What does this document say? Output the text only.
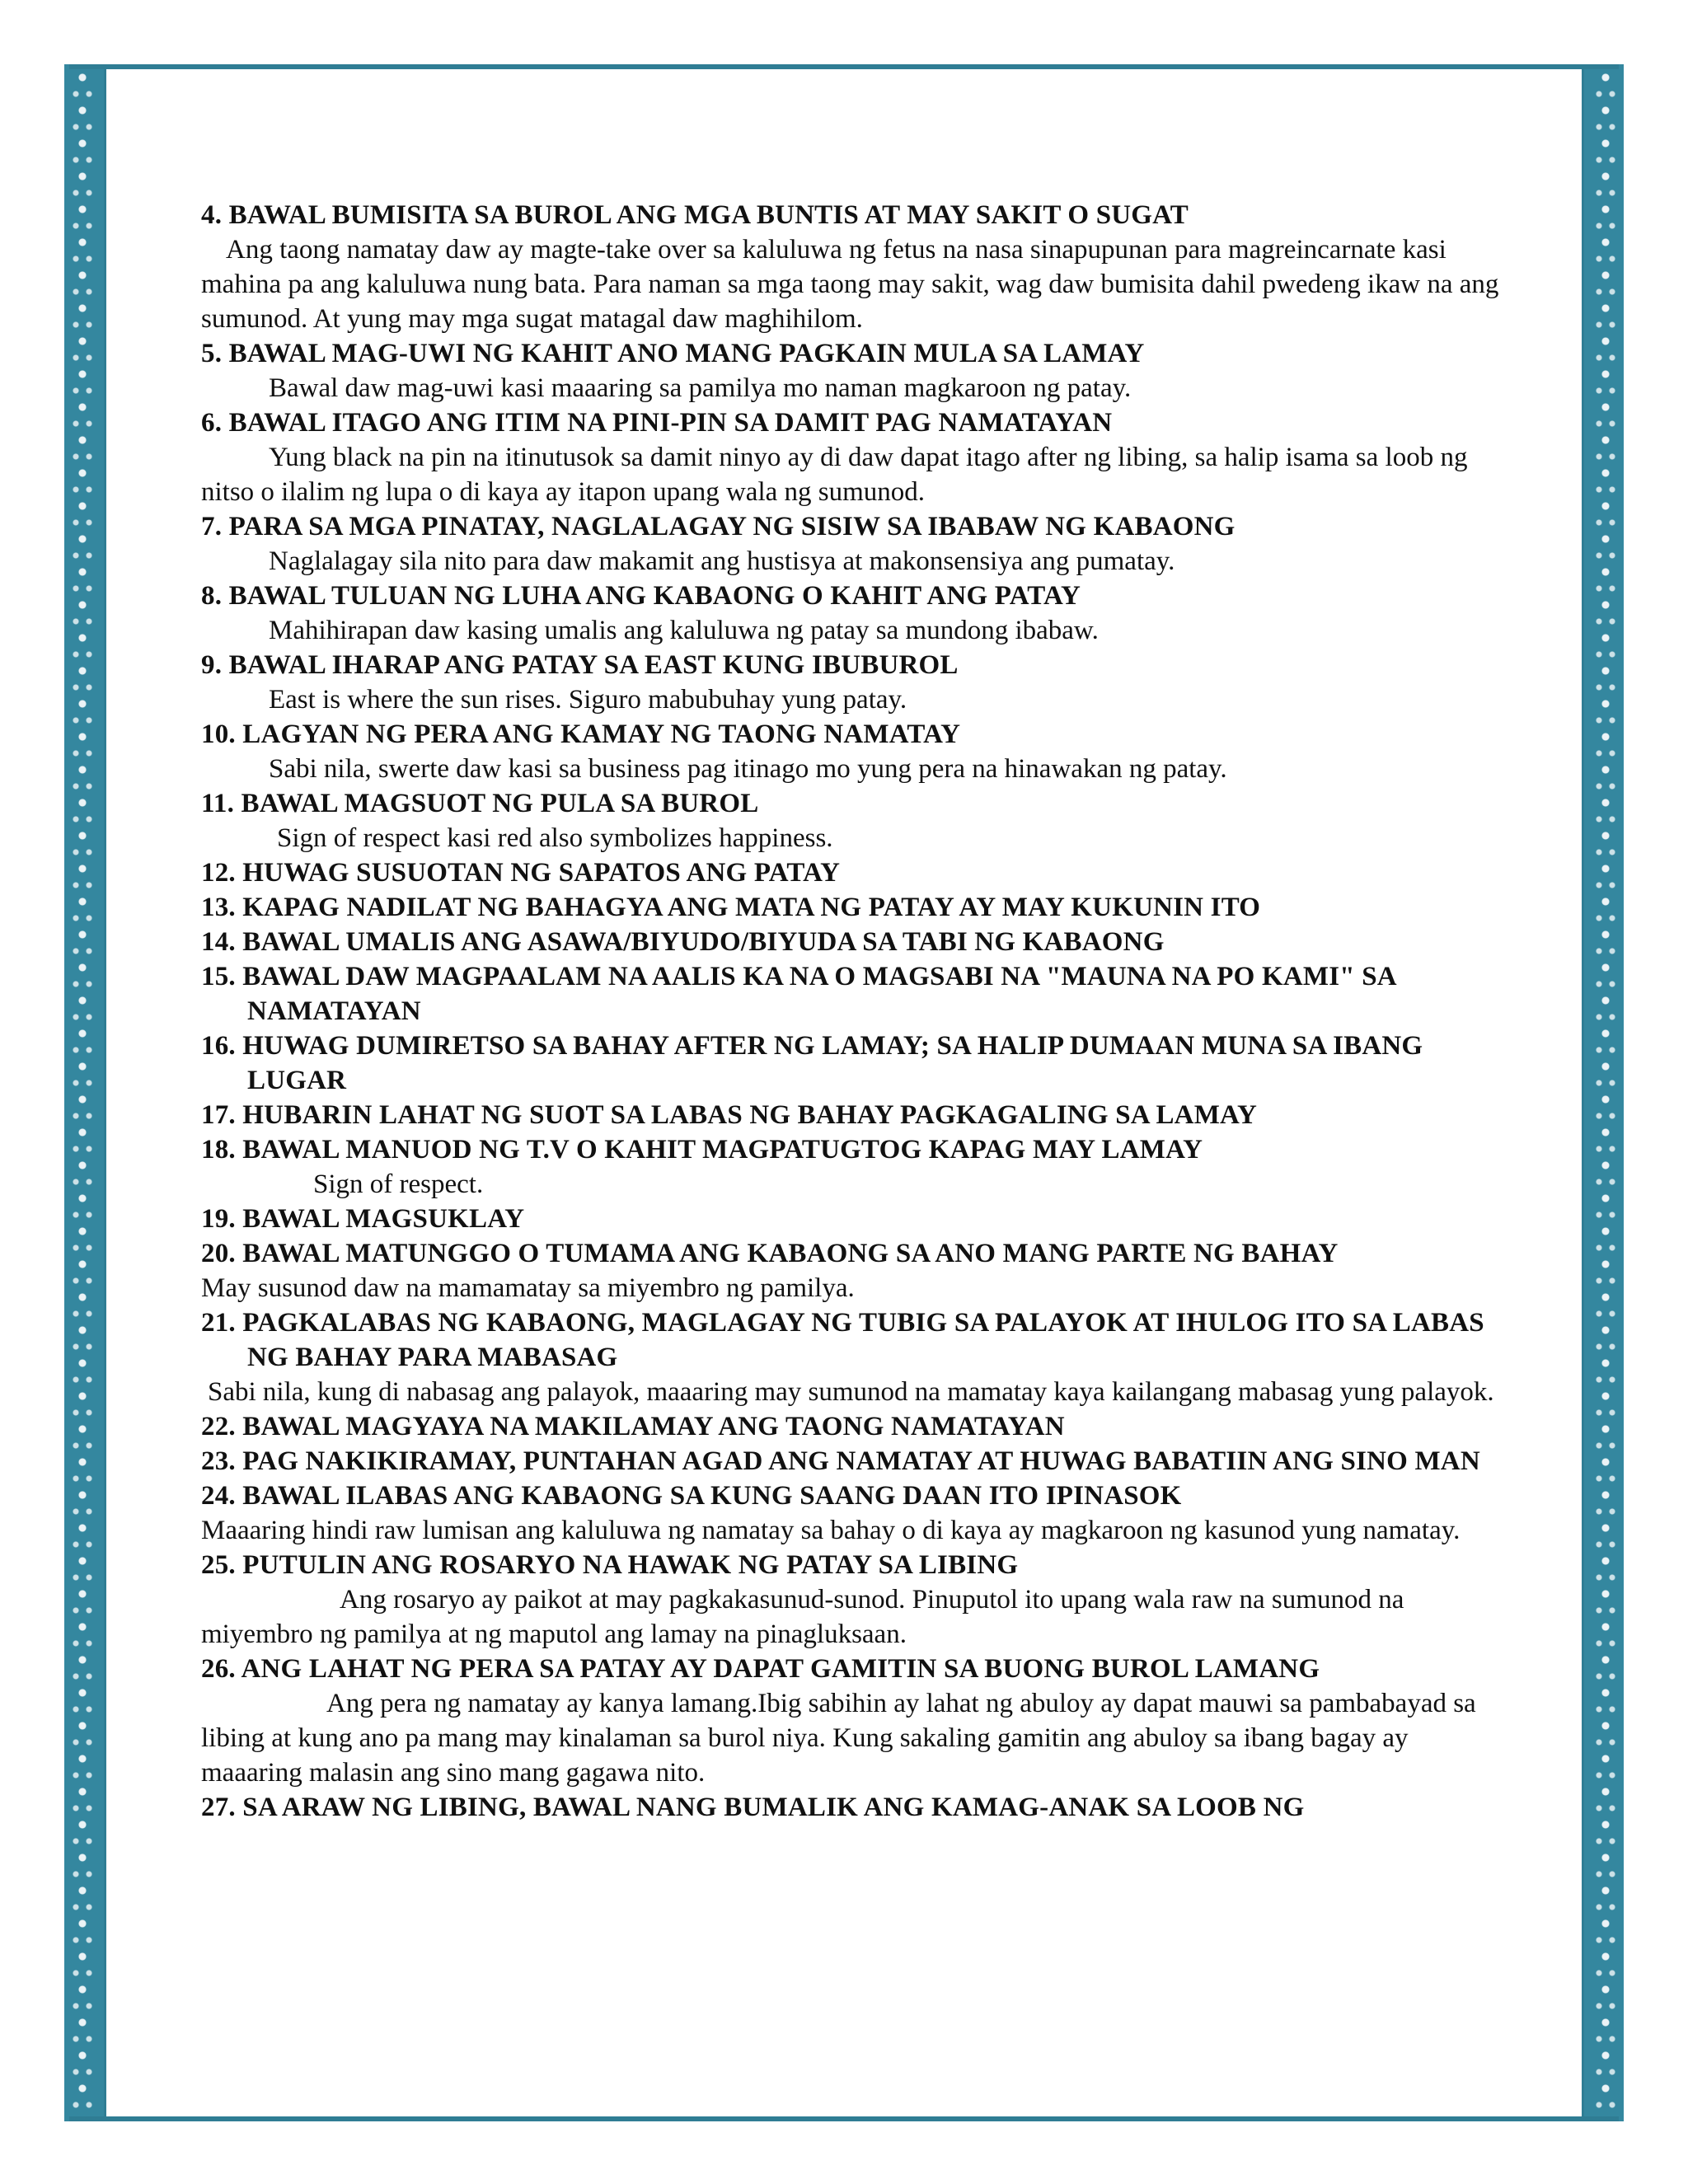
4. BAWAL BUMISITA SA BUROL ANG MGA BUNTIS AT MAY SAKIT O SUGAT
Ang taong namatay daw ay magte-take over sa kaluluwa ng fetus na nasa sinapupunan para magreincarnate kasi mahina pa ang kaluluwa nung bata. Para naman sa mga taong may sakit, wag daw bumisita dahil pwedeng ikaw na ang sumunod. At yung may mga sugat matagal daw maghihilom.
5. BAWAL MAG-UWI NG KAHIT ANO MANG PAGKAIN MULA SA LAMAY
Bawal daw mag-uwi kasi maaaring sa pamilya mo naman magkaroon ng patay.
6. BAWAL ITAGO ANG ITIM NA PINI-PIN SA DAMIT PAG NAMATAYAN
Yung black na pin na itinutusok sa damit ninyo ay di daw dapat itago after ng libing, sa halip isama sa loob ng nitso o ilalim ng lupa o di kaya ay itapon upang wala ng sumunod.
7. PARA SA MGA PINATAY, NAGLALAGAY NG SISIW SA IBABAW NG KABAONG
Naglalagay sila nito para daw makamit ang hustisya at makonsensiya ang pumatay.
8. BAWAL TULUAN NG LUHA ANG KABAONG O KAHIT ANG PATAY
Mahihirapan daw kasing umalis ang kaluluwa ng patay sa mundong ibabaw.
9. BAWAL IHARAP ANG PATAY SA EAST KUNG IBUBUROL
East is where the sun rises. Siguro mabubuhay yung patay.
10. LAGYAN NG PERA ANG KAMAY NG TAONG NAMATAY
Sabi nila, swerte daw kasi sa business pag itinago mo yung pera na hinawakan ng patay.
11. BAWAL MAGSUOT NG PULA SA BUROL
Sign of respect kasi red also symbolizes happiness.
12. HUWAG SUSUOTAN NG SAPATOS ANG PATAY
13. KAPAG NADILAT NG BAHAGYA ANG MATA NG PATAY AY MAY KUKUNIN ITO
14. BAWAL UMALIS ANG ASAWA/BIYUDO/BIYUDA SA TABI NG KABAONG
15. BAWAL DAW MAGPAALAM NA AALIS KA NA O MAGSABI NA "MAUNA NA PO KAMI" SA NAMATAYAN
16. HUWAG DUMIRETSO SA BAHAY AFTER NG LAMAY; SA HALIP DUMAAN MUNA SA IBANG LUGAR
17. HUBARIN LAHAT NG SUOT SA LABAS NG BAHAY PAGKAGALING SA LAMAY
18. BAWAL MANUOD NG T.V O KAHIT MAGPATUGTOG KAPAG MAY LAMAY
Sign of respect.
19. BAWAL MAGSUKLAY
20. BAWAL MATUNGGO O TUMAMA ANG KABAONG SA ANO MANG PARTE NG BAHAY
May susunod daw na mamamatay sa miyembro ng pamilya.
21. PAGKALABAS NG KABAONG, MAGLAGAY NG TUBIG SA PALAYOK AT IHULOG ITO SA LABAS NG BAHAY PARA MABASAG
Sabi nila, kung di nabasag ang palayok, maaaring may sumunod na mamatay kaya kailangang mabasag yung palayok.
22. BAWAL MAGYAYA NA MAKILAMAY ANG TAONG NAMATAYAN
23. PAG NAKIKIRAMAY, PUNTAHAN AGAD ANG NAMATAY AT HUWAG BABATIIN ANG SINO MAN
24. BAWAL ILABAS ANG KABAONG SA KUNG SAANG DAAN ITO IPINASOK
Maaaring hindi raw lumisan ang kaluluwa ng namatay sa bahay o di kaya ay magkaroon ng kasunod yung namatay.
25. PUTULIN ANG ROSARYO NA HAWAK NG PATAY SA LIBING
Ang rosaryo ay paikot at may pagkakasunud-sunod. Pinuputol ito upang wala raw na sumunod na miyembro ng pamilya at ng maputol ang lamay na pinagluksaan.
26. ANG LAHAT NG PERA SA PATAY AY DAPAT GAMITIN SA BUONG BUROL LAMANG
Ang pera ng namatay ay kanya lamang.Ibig sabihin ay lahat ng abuloy ay dapat mauwi sa pambabayad sa libing at kung ano pa mang may kinalaman sa burol niya. Kung sakaling gamitin ang abuloy sa ibang bagay ay maaaring malasin ang sino mang gagawa nito.
27. SA ARAW NG LIBING, BAWAL NANG BUMALIK ANG KAMAG-ANAK SA LOOB NG
